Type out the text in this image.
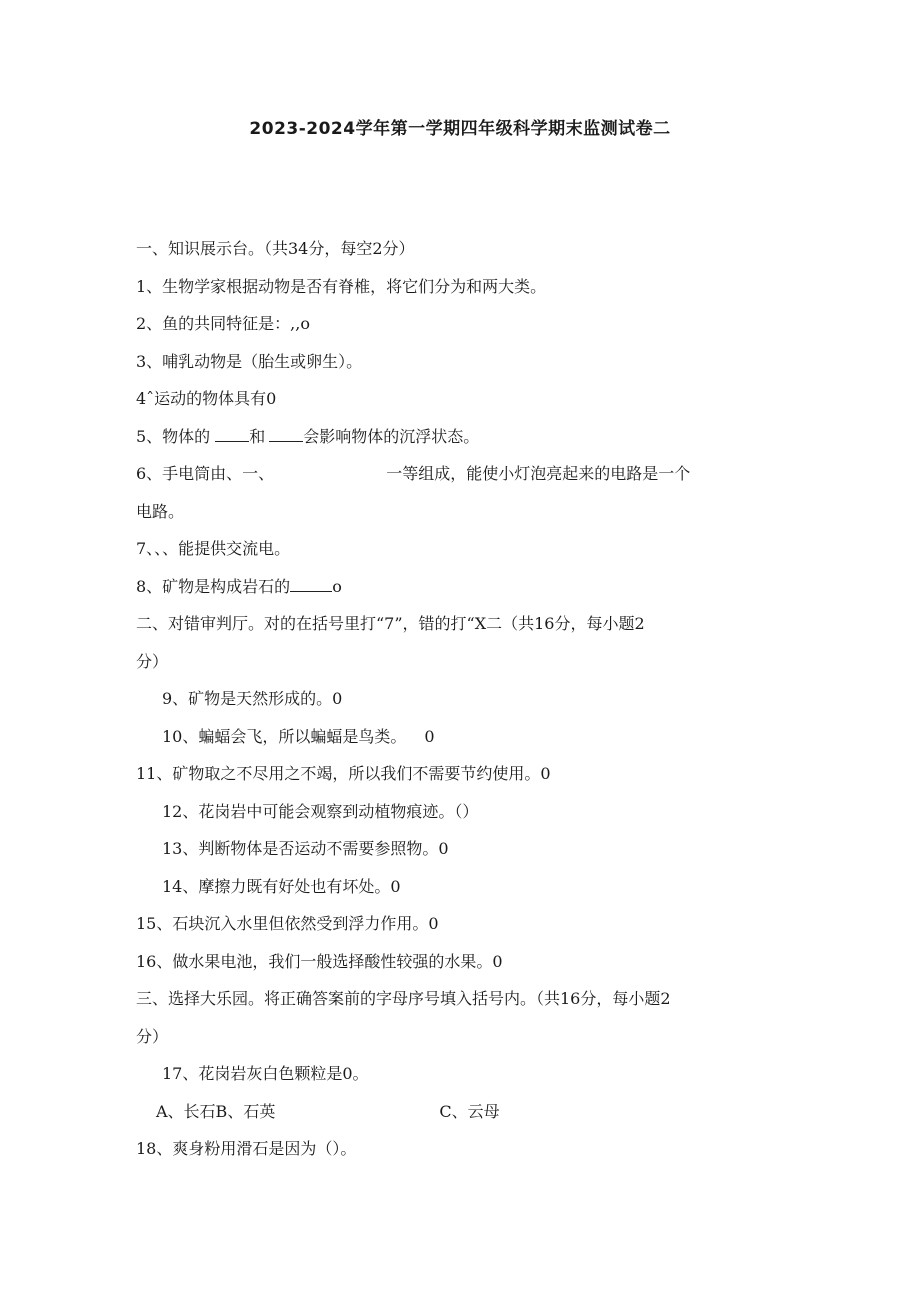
2023-2024学年第一学期四年级科学期末监测试卷二
一、知识展示台。（共34分，每空2分）
1、生物学家根据动物是否有脊椎，将它们分为和两大类。
2、鱼的共同特征是：,,o
3、哺乳动物是（胎生或卵生）。
4ˆ运动的物体具有0
5、物体的 和 会影响物体的沉浮状态。
6、手电筒由、一、	一等组成，能使小灯泡亮起来的电路是一个
电路。
7、、、能提供交流电。
8、矿物是构成岩石的	o
二、对错审判厅。对的在括号里打“7”，错的打“X二（共16分，每小题2
分）
9、矿物是天然形成的。0
10、蝙蝠会飞，所以蝙蝠是鸟类。 0
11、矿物取之不尽用之不竭，所以我们不需要节约使用。0
12、花岗岩中可能会观察到动植物痕迹。（）
13、判断物体是否运动不需要参照物。0
14、摩擦力既有好处也有坏处。0
15、石块沉入水里但依然受到浮力作用。0
16、做水果电池，我们一般选择酸性较强的水果。0
三、选择大乐园。将正确答案前的字母序号填入括号内。（共16分，每小题2
分）
17、花岗岩灰白色颗粒是0。
A、长石B、石英	C、云母
18、爽身粉用滑石是因为（）。
